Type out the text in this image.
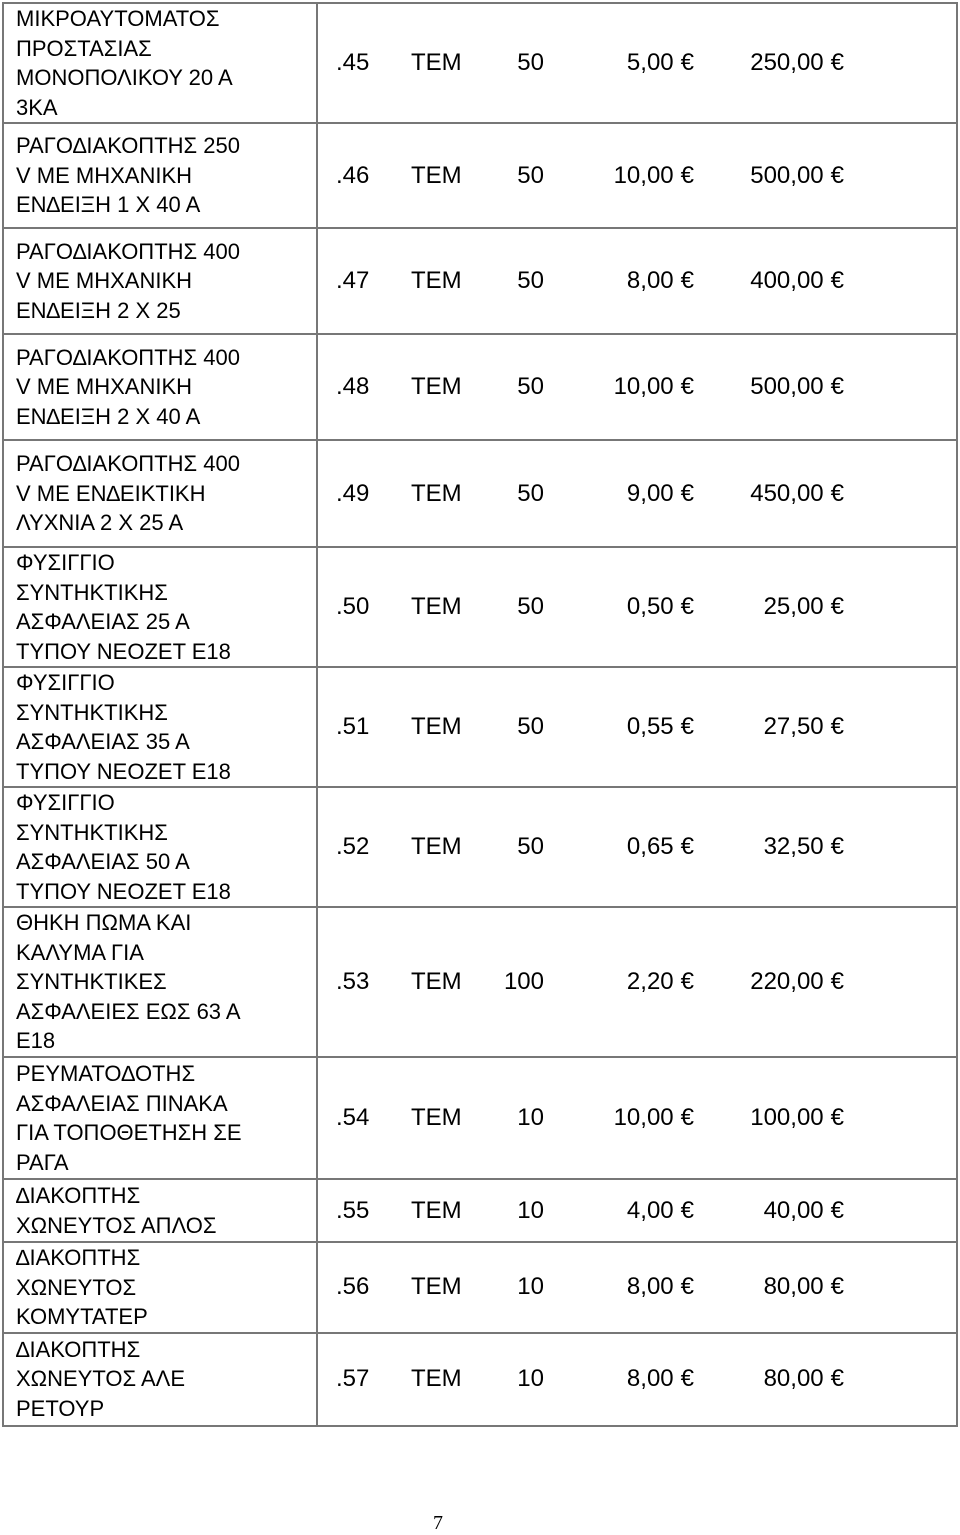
ΜΙΚΡΟΑΥΤΟΜΑΤΟΣ
ΠΡΟΣΤΑΣΙΑΣ
ΜΟΝΟΠΟΛΙΚΟΥ 20 Α
3ΚΑ	.45 ΤΕΜ 50 5,00 € 250,00 €

ΡΑΓΟ∆ΙΑΚΟΠΤΗΣ 250
V ΜΕ ΜΗΧΑΝΙΚΗ
ΕΝ∆ΕΙΞΗ 1 Χ 40 Α	.46 ΤΕΜ 50 10,00 € 500,00 €

ΡΑΓΟ∆ΙΑΚΟΠΤΗΣ 400
V ΜΕ ΜΗΧΑΝΙΚΗ
ΕΝ∆ΕΙΞΗ 2 Χ 25	.47 ΤΕΜ 50 8,00 € 400,00 €

ΡΑΓΟ∆ΙΑΚΟΠΤΗΣ 400
V ΜΕ ΜΗΧΑΝΙΚΗ
ΕΝ∆ΕΙΞΗ 2 Χ 40 Α	.48 ΤΕΜ 50 10,00 € 500,00 €

ΡΑΓΟ∆ΙΑΚΟΠΤΗΣ 400
V ΜΕ ΕΝ∆ΕΙΚΤΙΚΗ
ΛΥΧΝΙΑ 2 Χ 25 Α	.49 ΤΕΜ 50 9,00 € 450,00 €

ΦΥΣΙΓΓΙΟ
ΣΥΝΤΗΚΤΙΚΗΣ
ΑΣΦΑΛΕΙΑΣ 25 Α
ΤΥΠΟΥ ΝΕΟΖΕΤ Ε18	.50 ΤΕΜ 50 0,50 € 25,00 €

ΦΥΣΙΓΓΙΟ
ΣΥΝΤΗΚΤΙΚΗΣ
ΑΣΦΑΛΕΙΑΣ 35 Α
ΤΥΠΟΥ ΝΕΟΖΕΤ Ε18	.51 ΤΕΜ 50 0,55 € 27,50 €

ΦΥΣΙΓΓΙΟ
ΣΥΝΤΗΚΤΙΚΗΣ
ΑΣΦΑΛΕΙΑΣ 50 Α
ΤΥΠΟΥ ΝΕΟΖΕΤ Ε18	.52 ΤΕΜ 50 0,65 € 32,50 €

ΘΗΚΗ ΠΩΜΑ ΚΑΙ
ΚΑΛΥΜΑ ΓΙΑ
ΣΥΝΤΗΚΤΙΚΕΣ
ΑΣΦΑΛΕΙΕΣ ΕΩΣ 63 Α
Ε18	.53 ΤΕΜ 100 2,20 € 220,00 €

ΡΕΥΜΑΤΟ∆ΟΤΗΣ
ΑΣΦΑΛΕΙΑΣ ΠΙΝΑΚΑ
ΓΙΑ ΤΟΠΟΘΕΤΗΣΗ ΣΕ
ΡΑΓΑ	.54 ΤΕΜ 10 10,00 € 100,00 €

∆ΙΑΚΟΠΤΗΣ
ΧΩΝΕΥΤΟΣ ΑΠΛΟΣ	.55 ΤΕΜ 10 4,00 € 40,00 €

∆ΙΑΚΟΠΤΗΣ
ΧΩΝΕΥΤΟΣ
ΚΟΜΥΤΑΤΕΡ	.56 ΤΕΜ 10 8,00 € 80,00 €

∆ΙΑΚΟΠΤΗΣ
ΧΩΝΕΥΤΟΣ ΑΛΕ
ΡΕΤΟΥΡ	.57 ΤΕΜ 10 8,00 € 80,00 €
7
